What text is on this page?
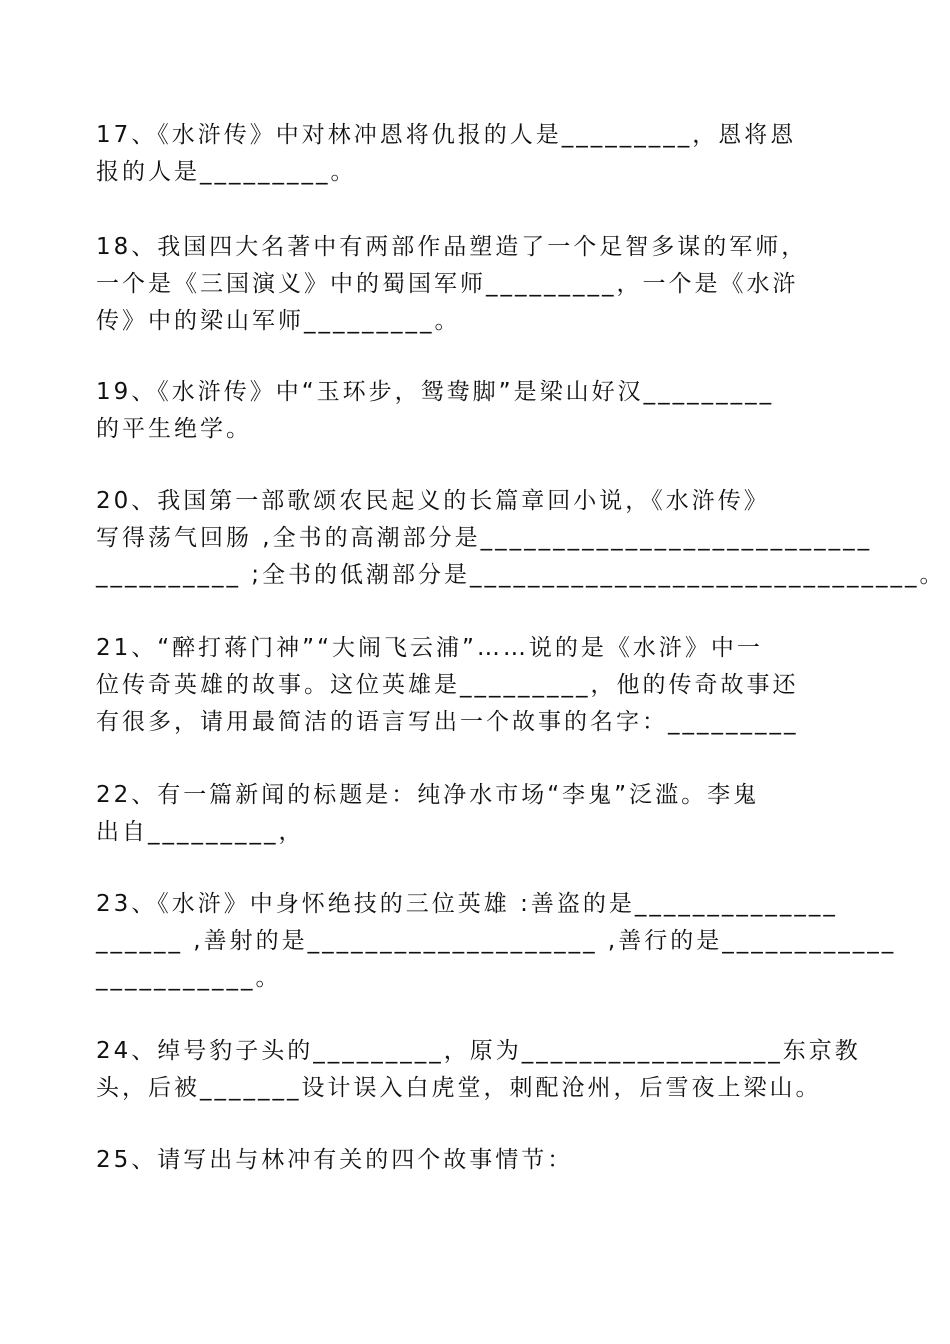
17、《水浒传》中对林冲恩将仇报的人是_________，恩将恩
报的人是_________。
18、我国四大名著中有两部作品塑造了一个足智多谋的军师，
一个是《三国演义》中的蜀国军师_________，一个是《水浒
传》中的梁山军师_________。
19、《水浒传》中“玉环步，鸳鸯脚”是梁山好汉_________
的平生绝学。
20、我国第一部歌颂农民起义的长篇章回小说，《水浒传》
写得荡气回肠 ,全书的高潮部分是___________________________
__________ ;全书的低潮部分是_______________________________。
21、“醉打蒋门神”“大闹飞云浦”……说的是《水浒》中一
位传奇英雄的故事。这位英雄是_________，他的传奇故事还
有很多，请用最简洁的语言写出一个故事的名字：_________
22、有一篇新闻的标题是：纯净水市场“李鬼”泛滥。李鬼
出自_________，
23、《水浒》中身怀绝技的三位英雄 :善盗的是______________
______ ,善射的是____________________ ,善行的是____________
___________。
24、绰号豹子头的_________，原为__________________东京教
头，后被_______设计误入白虎堂，刺配沧州，后雪夜上梁山。
25、请写出与林冲有关的四个故事情节：
